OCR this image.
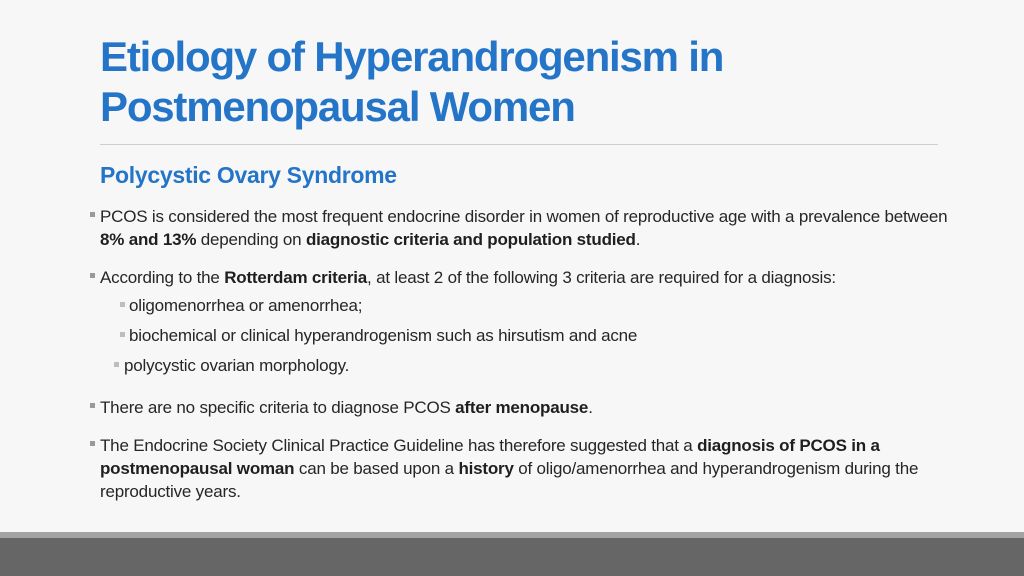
Etiology of Hyperandrogenism in
Postmenopausal Women
Polycystic Ovary Syndrome

PCOS is considered the most frequent endocrine disorder in women of reproductive age with a prevalence between 8% and 13% depending on diagnostic criteria and population studied.

According to the Rotterdam criteria, at least 2 of the following 3 criteria are required for a diagnosis:
oligomenorrhea or amenorrhea;
biochemical or clinical hyperandrogenism such as hirsutism and acne
polycystic ovarian morphology.

There are no specific criteria to diagnose PCOS after menopause.

The Endocrine Society Clinical Practice Guideline has therefore suggested that a diagnosis of PCOS in a postmenopausal woman can be based upon a history of oligo/amenorrhea and hyperandrogenism during the reproductive years.
